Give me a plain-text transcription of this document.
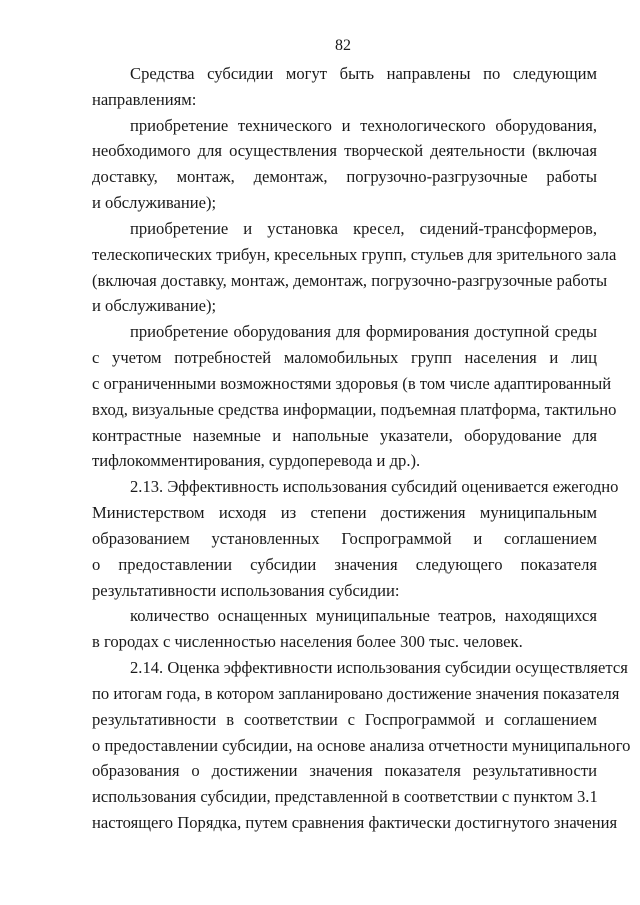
82
Средства субсидии могут быть направлены по следующим
направлениям:
приобретение технического и технологического оборудования,
необходимого для осуществления творческой деятельности (включая
доставку, монтаж, демонтаж, погрузочно-разгрузочные работы
и обслуживание);
приобретение и установка кресел, сидений-трансформеров,
телескопических трибун, кресельных групп, стульев для зрительного зала
(включая доставку, монтаж, демонтаж, погрузочно-разгрузочные работы
и обслуживание);
приобретение оборудования для формирования доступной среды
с учетом потребностей маломобильных групп населения и лиц
с ограниченными возможностями здоровья (в том числе адаптированный
вход, визуальные средства информации, подъемная платформа, тактильно
контрастные наземные и напольные указатели, оборудование для
тифлокомментирования, сурдоперевода и др.).
2.13. Эффективность использования субсидий оценивается ежегодно
Министерством исходя из степени достижения муниципальным
образованием установленных Госпрограммой и соглашением
о предоставлении субсидии значения следующего показателя
результативности использования субсидии:
количество оснащенных муниципальные театров, находящихся
в городах с численностью населения более 300 тыс. человек.
2.14. Оценка эффективности использования субсидии осуществляется
по итогам года, в котором запланировано достижение значения показателя
результативности в соответствии с Госпрограммой и соглашением
о предоставлении субсидии, на основе анализа отчетности муниципального
образования о достижении значения показателя результативности
использования субсидии, представленной в соответствии с пунктом 3.1
настоящего Порядка, путем сравнения фактически достигнутого значения
